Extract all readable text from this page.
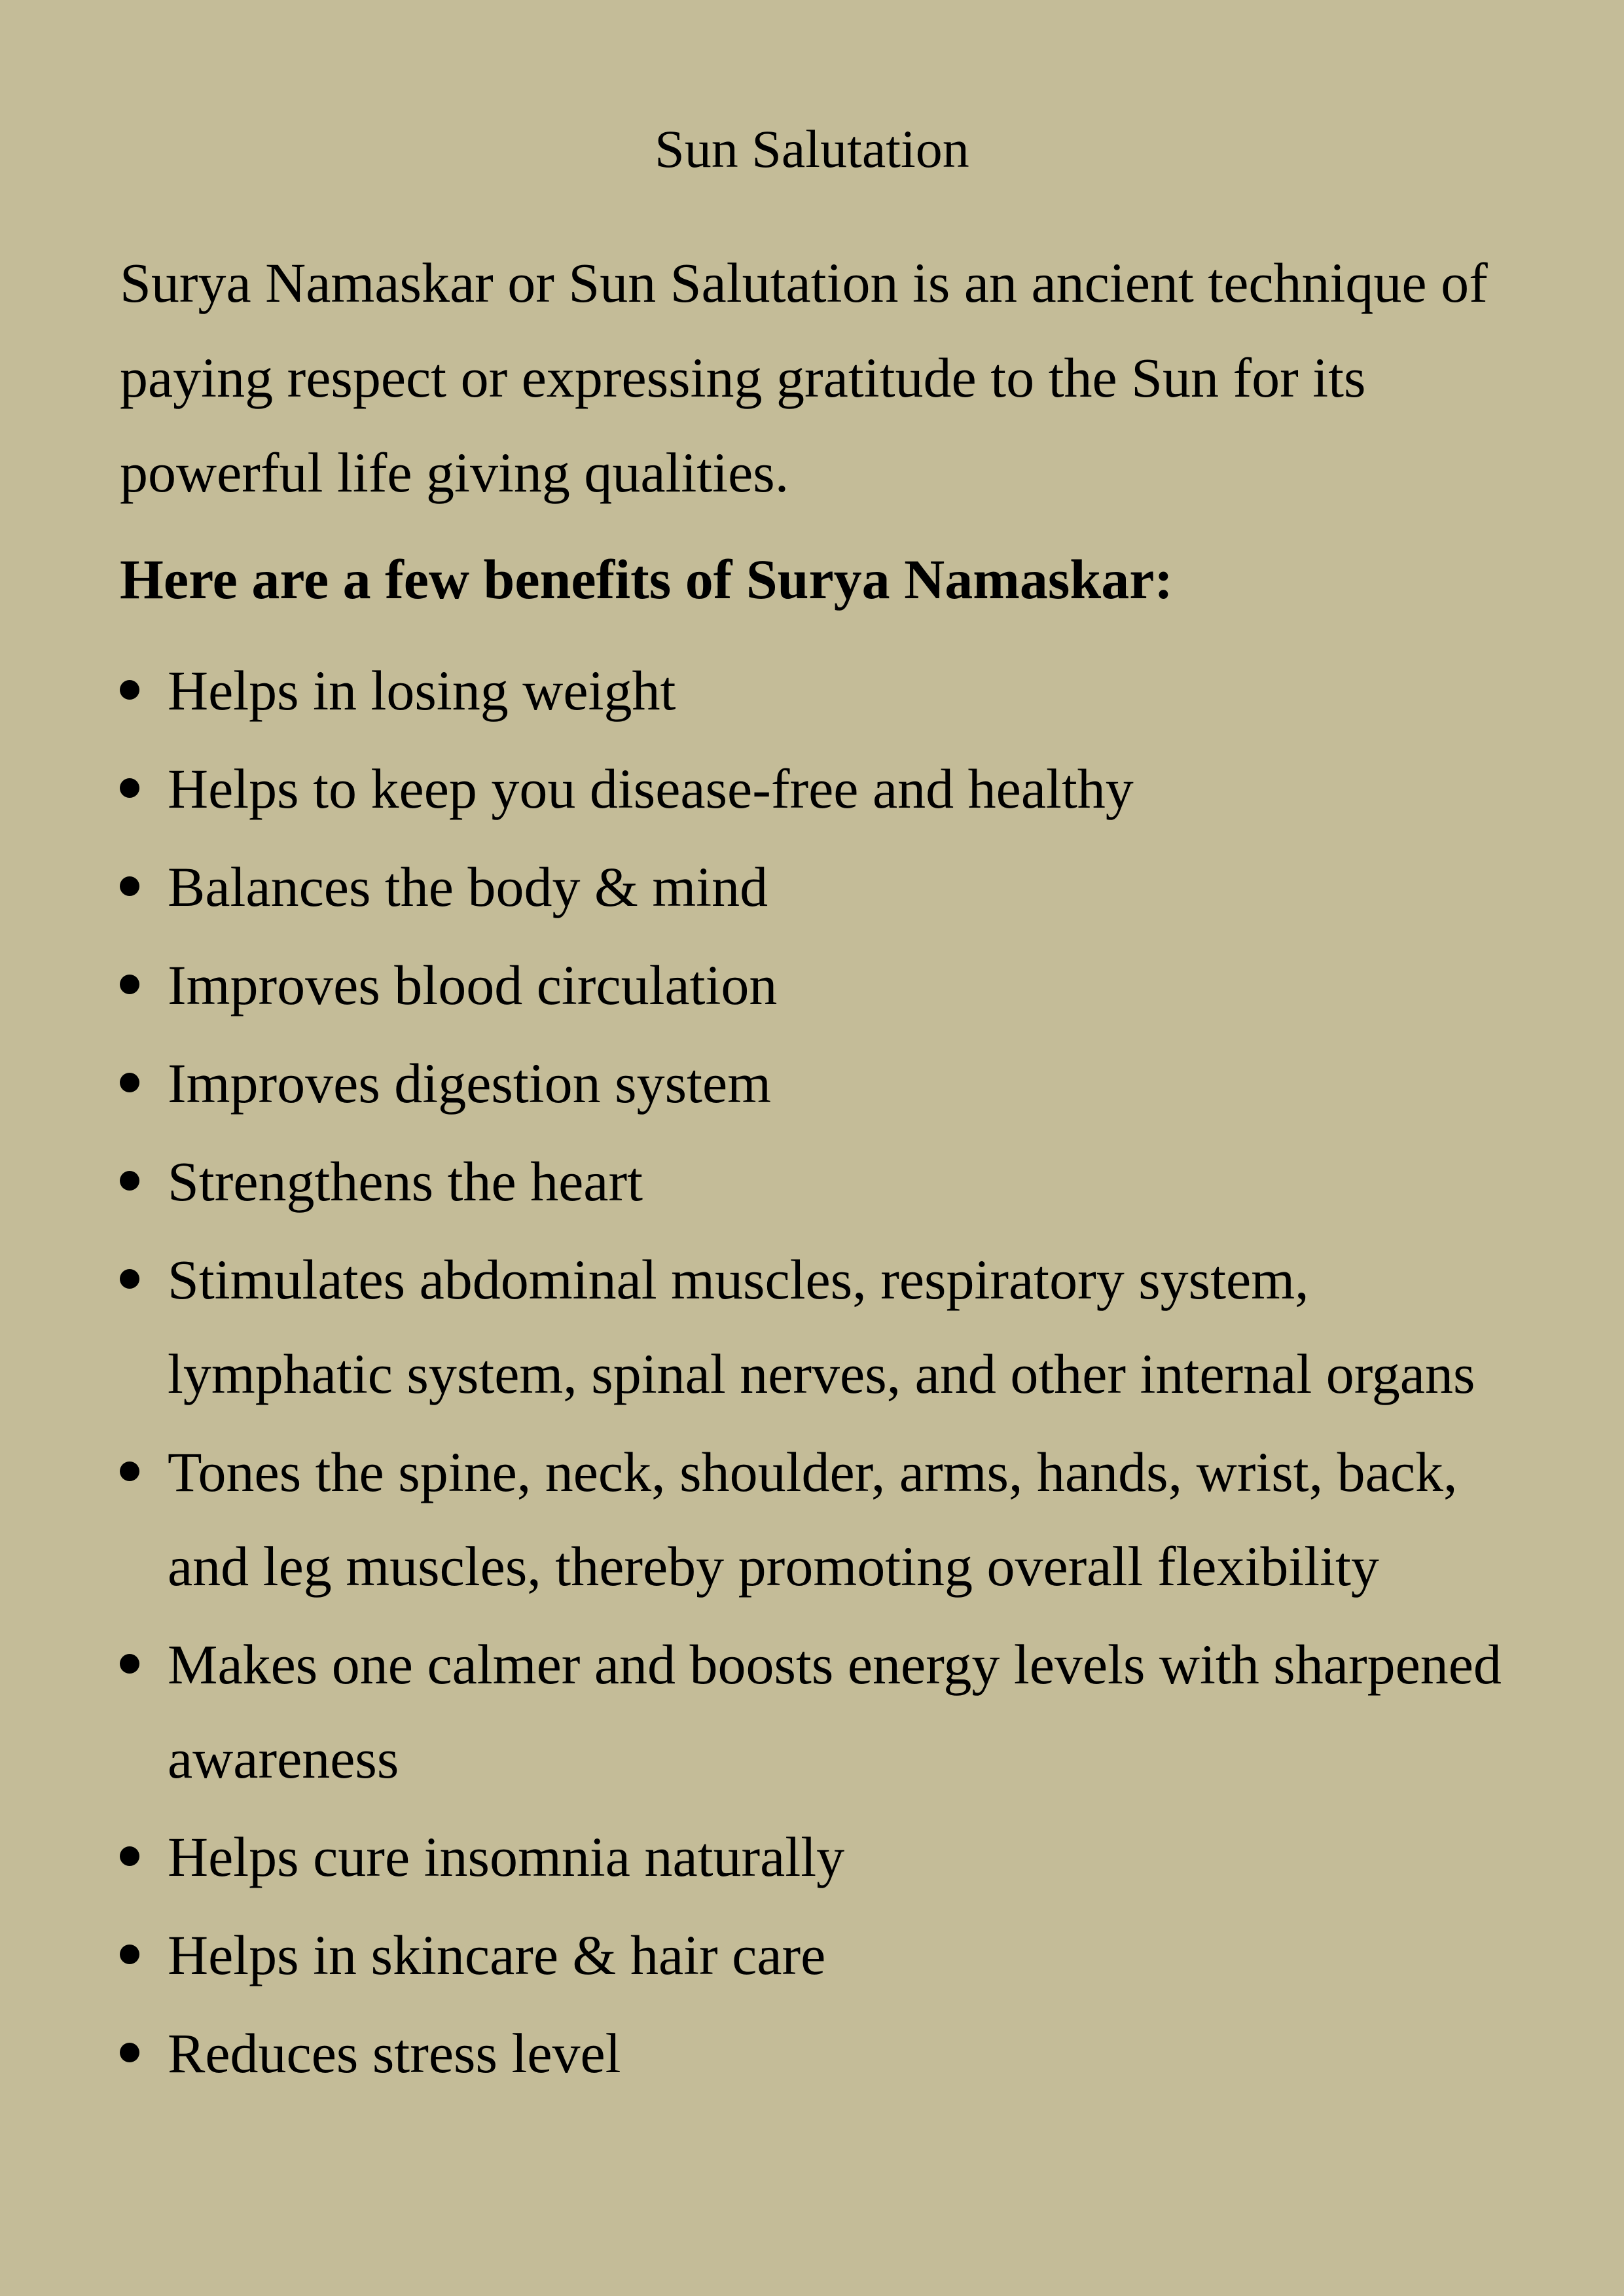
Sun Salutation

Surya Namaskar or Sun Salutation is an ancient technique of paying respect or expressing gratitude to the Sun for its powerful life giving qualities.

Here are a few benefits of Surya Namaskar:
Helps in losing weight
Helps to keep you disease-free and healthy
Balances the body & mind
Improves blood circulation
Improves digestion system
Strengthens the heart
Stimulates abdominal muscles, respiratory system, lymphatic system, spinal nerves, and other internal organs
Tones the spine, neck, shoulder, arms, hands, wrist, back, and leg muscles, thereby promoting overall flexibility
Makes one calmer and boosts energy levels with sharpened awareness
Helps cure insomnia naturally
Helps in skincare & hair care
Reduces stress level
